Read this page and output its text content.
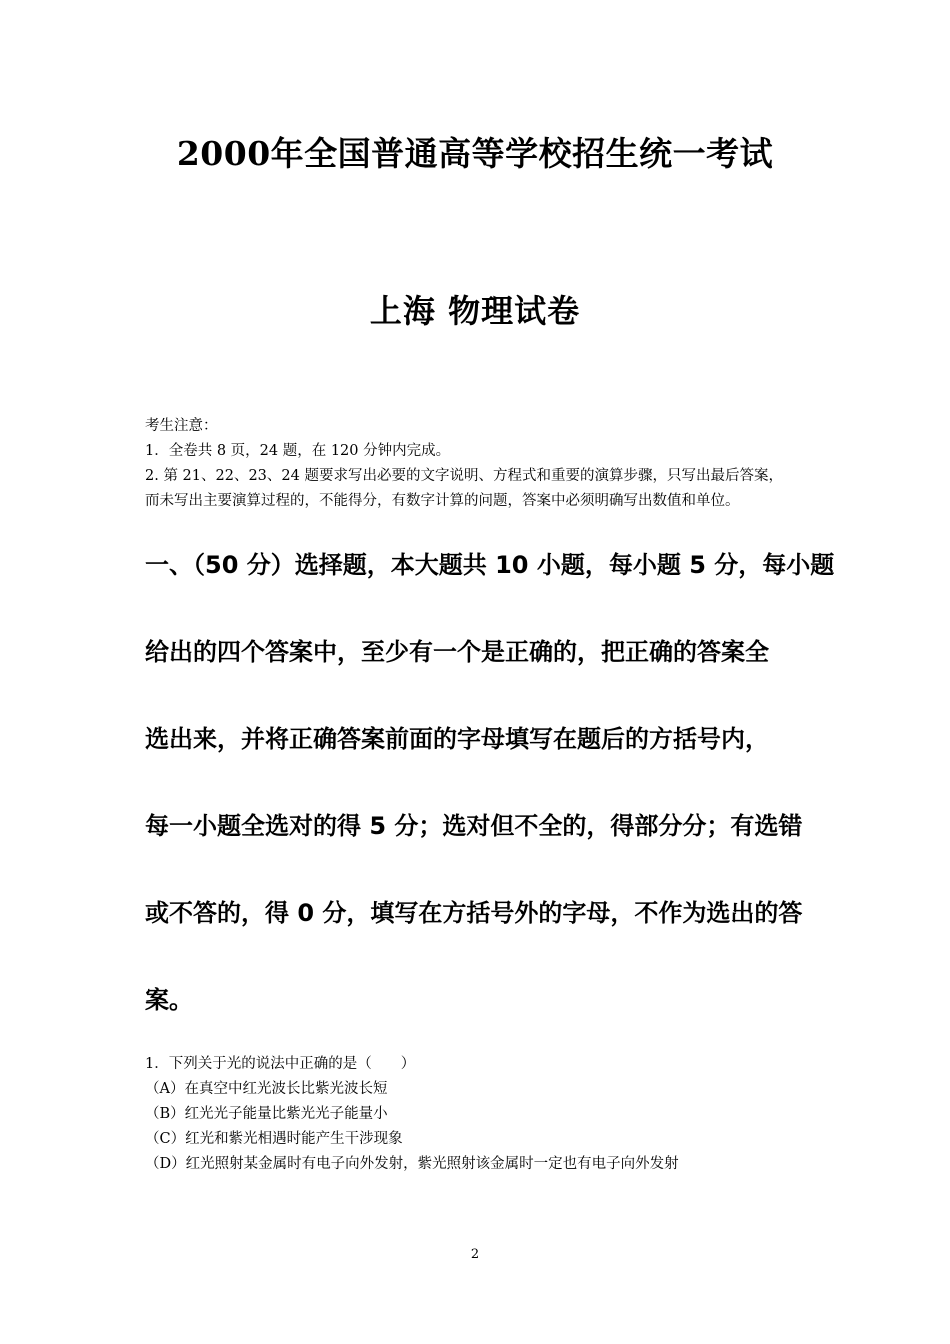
2000年全国普通高等学校招生统一考试
上海 物理试卷
考生注意：
1．全卷共 8 页，24 题，在 120 分钟内完成。
2. 第 21、22、23、24 题要求写出必要的文字说明、方程式和重要的演算步骤，只写出最后答案，
而未写出主要演算过程的，不能得分，有数字计算的问题，答案中必须明确写出数值和单位。
一、（50 分）选择题，本大题共 10 小题，每小题 5 分，每小题
给出的四个答案中，至少有一个是正确的，把正确的答案全
选出来，并将正确答案前面的字母填写在题后的方括号内，
每一小题全选对的得 5 分；选对但不全的，得部分分；有选错
或不答的，得 0 分，填写在方括号外的字母，不作为选出的答
案。
1．下列关于光的说法中正确的是（　　）
（A）在真空中红光波长比紫光波长短
（B）红光光子能量比紫光光子能量小
（C）红光和紫光相遇时能产生干涉现象
（D）红光照射某金属时有电子向外发射，紫光照射该金属时一定也有电子向外发射
2
